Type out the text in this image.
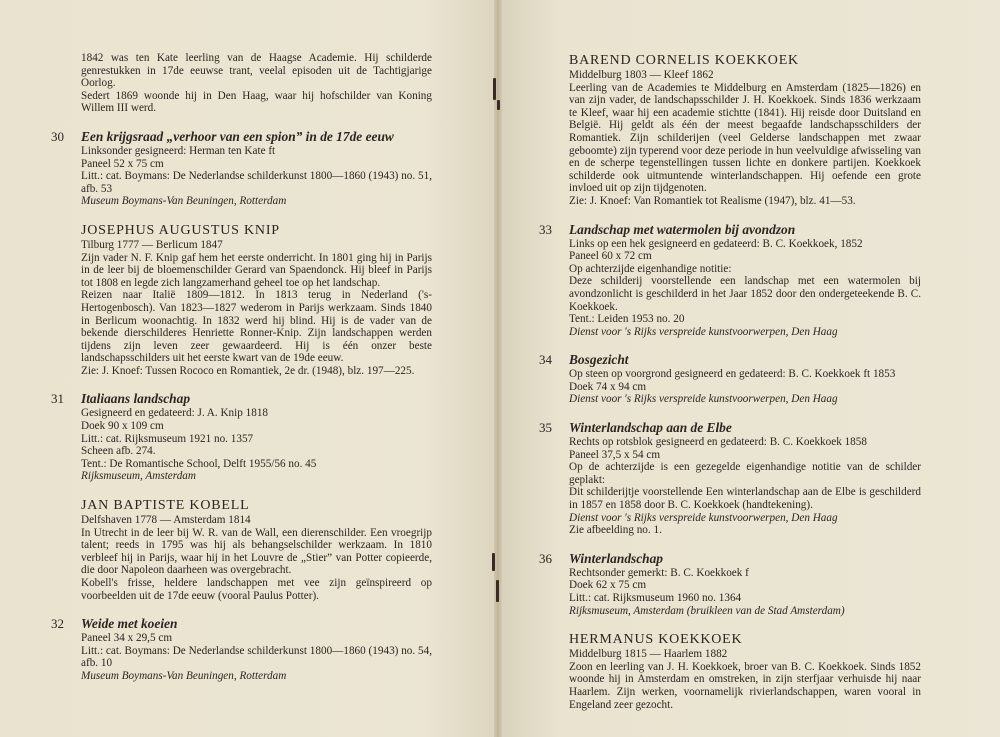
1842 was ten Kate leerling van de Haagse Academie. Hij schilderde genrestukken in 17de eeuwse trant, veelal episoden uit de Tachtigjarige Oorlog.

Sedert 1869 woonde hij in Den Haag, waar hij hofschilder van Koning Willem III werd.

30 Een krijgsraad „verhoor van een spion” in de 17de eeuw

Linksonder gesigneerd: Herman ten Kate ft

Paneel 52 x 75 cm

Litt.: cat. Boymans: De Nederlandse schilderkunst 1800—1860 (1943) no. 51, afb. 53

Museum Boymans-Van Beuningen, Rotterdam

JOSEPHUS AUGUSTUS KNIP

Tilburg 1777 — Berlicum 1847

Zijn vader N. F. Knip gaf hem het eerste onderricht. In 1801 ging hij in Parijs in de leer bij de bloemenschilder Gerard van Spaendonck. Hij bleef in Parijs tot 1808 en legde zich langzamerhand geheel toe op het landschap.

Reizen naar Italië 1809—1812. In 1813 terug in Nederland ('s-Hertogenbosch). Van 1823—1827 wederom in Parijs werkzaam. Sinds 1840 in Berlicum woonachtig. In 1832 werd hij blind. Hij is de vader van de bekende dierschilderes Henriette Ronner-Knip. Zijn landschappen werden tijdens zijn leven zeer gewaardeerd. Hij is één onzer beste landschapsschilders uit het eerste kwart van de 19de eeuw.

Zie: J. Knoef: Tussen Rococo en Romantiek, 2e dr. (1948), blz. 197—225.

31 Italiaans landschap

Gesigneerd en gedateerd: J. A. Knip 1818

Doek 90 x 109 cm

Litt.: cat. Rijksmuseum 1921 no. 1357

Scheen afb. 274.

Tent.: De Romantische School, Delft 1955/56 no. 45

Rijksmuseum, Amsterdam

JAN BAPTISTE KOBELL

Delfshaven 1778 — Amsterdam 1814

In Utrecht in de leer bij W. R. van de Wall, een dierenschilder. Een vroegrijp talent; reeds in 1795 was hij als behangselschilder werkzaam. In 1810 verbleef hij in Parijs, waar hij in het Louvre de „Stier” van Potter copieerde, die door Napoleon daarheen was overgebracht.

Kobell's frisse, heldere landschappen met vee zijn geïnspireerd op voorbeelden uit de 17de eeuw (vooral Paulus Potter).

32 Weide met koeien

Paneel 34 x 29,5 cm

Litt.: cat. Boymans: De Nederlandse schilderkunst 1800—1860 (1943) no. 54, afb. 10

Museum Boymans-Van Beuningen, Rotterdam

BAREND CORNELIS KOEKKOEK

Middelburg 1803 — Kleef 1862

Leerling van de Academies te Middelburg en Amsterdam (1825—1826) en van zijn vader, de landschapsschilder J. H. Koekkoek. Sinds 1836 werkzaam te Kleef, waar hij een academie stichtte (1841). Hij reisde door Duitsland en België. Hij geldt als één der meest begaafde landschapsschilders der Romantiek. Zijn schilderijen (veel Gelderse landschappen met zwaar geboomte) zijn typerend voor deze periode in hun veelvuldige afwisseling van en de scherpe tegenstellingen tussen lichte en donkere partijen. Koekkoek schilderde ook uitmuntende winterlandschappen. Hij oefende een grote invloed uit op zijn tijdgenoten.

Zie: J. Knoef: Van Romantiek tot Realisme (1947), blz. 41—53.

33 Landschap met watermolen bij avondzon

Links op een hek gesigneerd en gedateerd: B. C. Koekkoek, 1852

Paneel 60 x 72 cm

Op achterzijde eigenhandige notitie:

Deze schilderij voorstellende een landschap met een watermolen bij avondzonlicht is geschilderd in het Jaar 1852 door den ondergeteekende B. C. Koekkoek.

Tent.: Leiden 1953 no. 20

Dienst voor 's Rijks verspreide kunstvoorwerpen, Den Haag

34 Bosgezicht

Op steen op voorgrond gesigneerd en gedateerd: B. C. Koekkoek ft 1853

Doek 74 x 94 cm

Dienst voor 's Rijks verspreide kunstvoorwerpen, Den Haag

35 Winterlandschap aan de Elbe

Rechts op rotsblok gesigneerd en gedateerd: B. C. Koekkoek 1858

Paneel 37,5 x 54 cm

Op de achterzijde is een gezegelde eigenhandige notitie van de schilder geplakt:

Dit schilderijtje voorstellende Een winterlandschap aan de Elbe is geschilderd in 1857 en 1858 door B. C. Koekkoek (handtekening).

Dienst voor 's Rijks verspreide kunstvoorwerpen, Den Haag

Zie afbeelding no. 1.

36 Winterlandschap

Rechtsonder gemerkt: B. C. Koekkoek f

Doek 62 x 75 cm

Litt.: cat. Rijksmuseum 1960 no. 1364

Rijksmuseum, Amsterdam (bruikleen van de Stad Amsterdam)

HERMANUS KOEKKOEK

Middelburg 1815 — Haarlem 1882

Zoon en leerling van J. H. Koekkoek, broer van B. C. Koekkoek. Sinds 1852 woonde hij in Amsterdam en omstreken, in zijn sterfjaar verhuisde hij naar Haarlem. Zijn werken, voornamelijk rivierlandschappen, waren vooral in Engeland zeer gezocht.
